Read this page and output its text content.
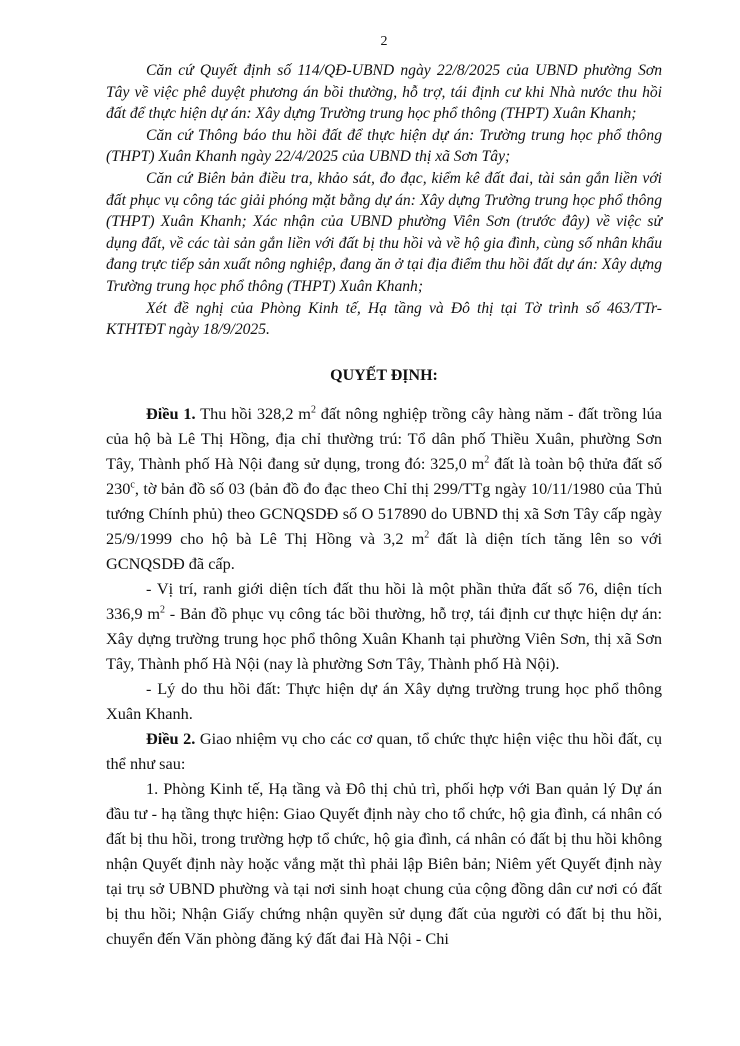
2

Căn cứ Quyết định số 114/QĐ-UBND ngày 22/8/2025 của UBND phường Sơn Tây về việc phê duyệt phương án bồi thường, hỗ trợ, tái định cư khi Nhà nước thu hồi đất để thực hiện dự án: Xây dựng Trường trung học phổ thông (THPT) Xuân Khanh;

Căn cứ Thông báo thu hồi đất để thực hiện dự án: Trường trung học phổ thông (THPT) Xuân Khanh ngày 22/4/2025 của UBND thị xã Sơn Tây;

Căn cứ Biên bản điều tra, khảo sát, đo đạc, kiểm kê đất đai, tài sản gắn liền với đất phục vụ công tác giải phóng mặt bằng dự án: Xây dựng Trường trung học phổ thông (THPT) Xuân Khanh; Xác nhận của UBND phường Viên Sơn (trước đây) về việc sử dụng đất, về các tài sản gắn liền với đất bị thu hồi và về hộ gia đình, cùng số nhân khẩu đang trực tiếp sản xuất nông nghiệp, đang ăn ở tại địa điểm thu hồi đất dự án: Xây dựng Trường trung học phổ thông (THPT) Xuân Khanh;

Xét đề nghị của Phòng Kinh tế, Hạ tầng và Đô thị tại Tờ trình số 463/TTr-KTHTĐT ngày 18/9/2025.

QUYẾT ĐỊNH:

Điều 1. Thu hồi 328,2 $m^2$ đất nông nghiệp trồng cây hàng năm - đất trồng lúa của hộ bà Lê Thị Hồng, địa chỉ thường trú: Tổ dân phố Thiều Xuân, phường Sơn Tây, Thành phố Hà Nội đang sử dụng, trong đó: 325,0 $m^2$ đất là toàn bộ thửa đất số 230$^c$, tờ bản đồ số 03 (bản đồ đo đạc theo Chỉ thị 299/TTg ngày 10/11/1980 của Thủ tướng Chính phủ) theo GCNQSDĐ số O 517890 do UBND thị xã Sơn Tây cấp ngày 25/9/1999 cho hộ bà Lê Thị Hồng và 3,2 $m^2$ đất là diện tích tăng lên so với GCNQSDĐ đã cấp.

- Vị trí, ranh giới diện tích đất thu hồi là một phần thửa đất số 76, diện tích 336,9 $m^2$ - Bản đồ phục vụ công tác bồi thường, hỗ trợ, tái định cư thực hiện dự án: Xây dựng trường trung học phổ thông Xuân Khanh tại phường Viên Sơn, thị xã Sơn Tây, Thành phố Hà Nội (nay là phường Sơn Tây, Thành phố Hà Nội).

- Lý do thu hồi đất: Thực hiện dự án Xây dựng trường trung học phổ thông Xuân Khanh.

Điều 2. Giao nhiệm vụ cho các cơ quan, tổ chức thực hiện việc thu hồi đất, cụ thể như sau:

1. Phòng Kinh tế, Hạ tầng và Đô thị chủ trì, phối hợp với Ban quản lý Dự án đầu tư - hạ tầng thực hiện: Giao Quyết định này cho tổ chức, hộ gia đình, cá nhân có đất bị thu hồi, trong trường hợp tổ chức, hộ gia đình, cá nhân có đất bị thu hồi không nhận Quyết định này hoặc vắng mặt thì phải lập Biên bản; Niêm yết Quyết định này tại trụ sở UBND phường và tại nơi sinh hoạt chung của cộng đồng dân cư nơi có đất bị thu hồi; Nhận Giấy chứng nhận quyền sử dụng đất của người có đất bị thu hồi, chuyển đến Văn phòng đăng ký đất đai Hà Nội - Chi
